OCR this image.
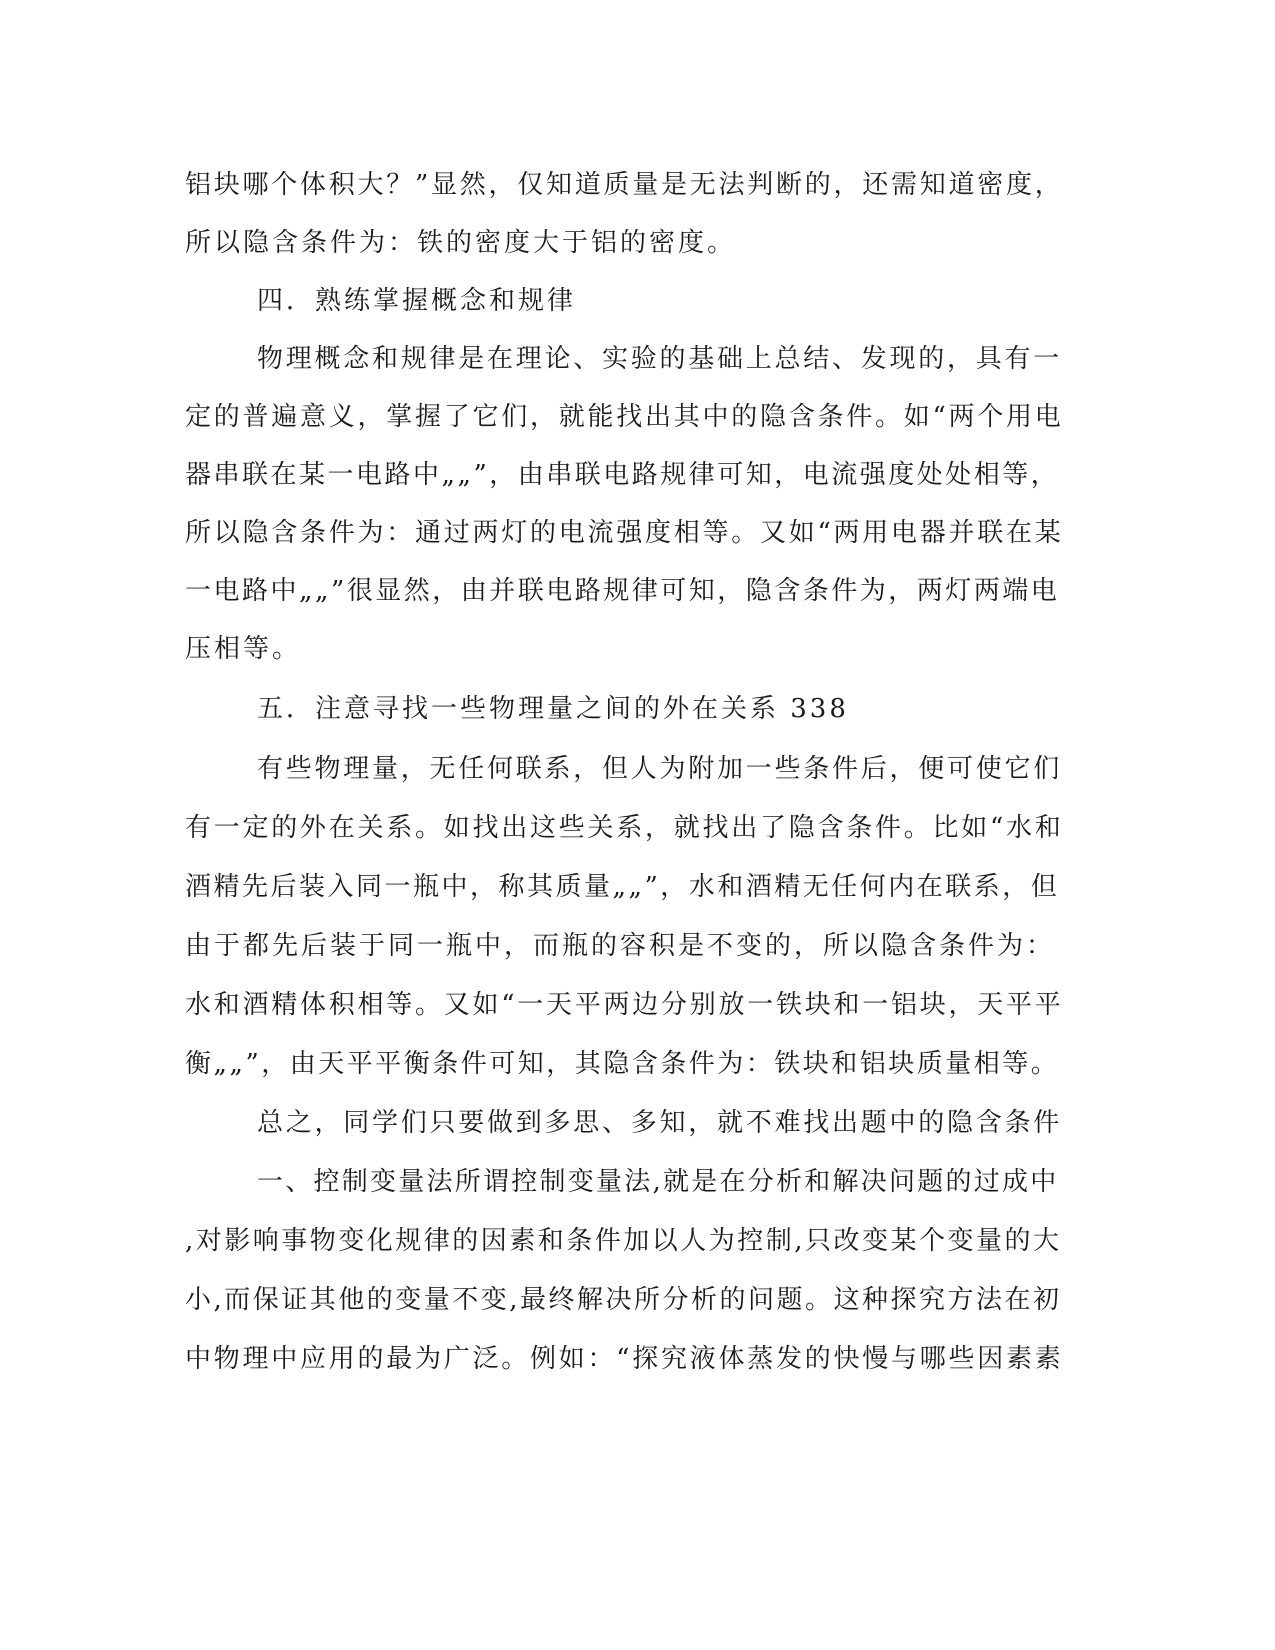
铝块哪个体积大？”显然，仅知道质量是无法判断的，还需知道密度，
所以隐含条件为：铁的密度大于铝的密度。
四．熟练掌握概念和规律
物理概念和规律是在理论、实验的基础上总结、发现的，具有一
定的普遍意义，掌握了它们，就能找出其中的隐含条件。如“两个用电
器串联在某一电路中„„”，由串联电路规律可知，电流强度处处相等，
所以隐含条件为：通过两灯的电流强度相等。又如“两用电器并联在某
一电路中„„”很显然，由并联电路规律可知，隐含条件为，两灯两端电
压相等。
五．注意寻找一些物理量之间的外在关系 338
有些物理量，无任何联系，但人为附加一些条件后，便可使它们
有一定的外在关系。如找出这些关系，就找出了隐含条件。比如“水和
酒精先后装入同一瓶中，称其质量„„”，水和酒精无任何内在联系，但
由于都先后装于同一瓶中，而瓶的容积是不变的，所以隐含条件为：
水和酒精体积相等。又如“一天平两边分别放一铁块和一铝块，天平平
衡„„”，由天平平衡条件可知，其隐含条件为：铁块和铝块质量相等。
总之，同学们只要做到多思、多知，就不难找出题中的隐含条件
一、控制变量法所谓控制变量法,就是在分析和解决问题的过成中
,对影响事物变化规律的因素和条件加以人为控制,只改变某个变量的大
小,而保证其他的变量不变,最终解决所分析的问题。这种探究方法在初
中物理中应用的最为广泛。例如：“探究液体蒸发的快慢与哪些因素素
